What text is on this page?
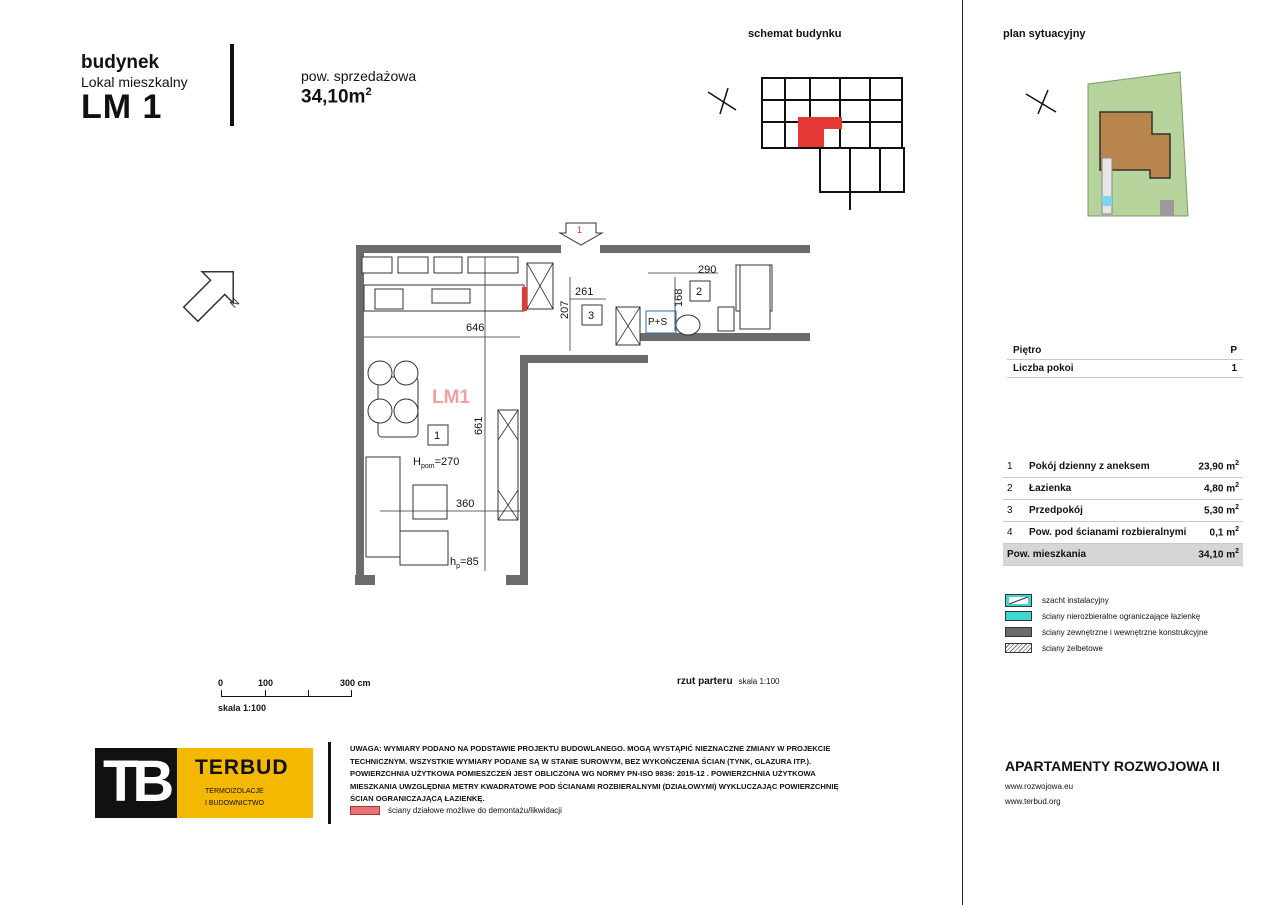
budynek
Lokal mieszkalny
LM 1
pow. sprzedażowa
$34,10m^2$
schemat budynku	plan sytuacyjny
N
1
646
661
360
261
207
290
168
1
2
3
P+S
LM1
$H_{pom}=270$
$h_p=85$
Piętro	P
Liczba pokoi	1
1	Pokój dzienny z aneksem	23,90 $m^2$
2	Łazienka	4,80 $m^2$
3	Przedpokój	5,30 $m^2$
4	Pow. pod ścianami rozbieralnymi	0,1 $m^2$
Pow. mieszkania		34,10 $m^2$
szacht instalacyjny
ściany nierozbieralne ograniczające łazienkę
ściany zewnętrzne i wewnętrzne konstrukcyjne
ściany żelbetowe
APARTAMENTY ROZWOJOWA II
www.rozwojowa.eu
www.terbud.org
rzut parteru skala 1:100
0	100	300 cm
skala 1:100
TB TERBUD
TERMOIZOLACJE
I BUDOWNICTWO
UWAGA: WYMIARY PODANO NA PODSTAWIE PROJEKTU BUDOWLANEGO. MOGĄ WYSTĄPIĆ NIEZNACZNE ZMIANY W PROJEKCIE TECHNICZNYM. WSZYSTKIE WYMIARY PODANE SĄ W STANIE SUROWYM, BEZ WYKOŃCZENIA ŚCIAN (TYNK, GLAZURA ITP.). POWIERZCHNIA UŻYTKOWA POMIESZCZEŃ JEST OBLICZONA WG NORMY PN-ISO 9836: 2015-12 . POWIERZCHNIA UŻYTKOWA MIESZKANIA UWZGLĘDNIA METRY KWADRATOWE POD ŚCIANAMI ROZBIERALNYMI (DZIAŁOWYMI) WYKLUCZAJĄC POWIERZCHNIĘ ŚCIAN OGRANICZAJĄCĄ ŁAZIENKĘ.
ściany działowe możliwe do demontażu/likwidacji
